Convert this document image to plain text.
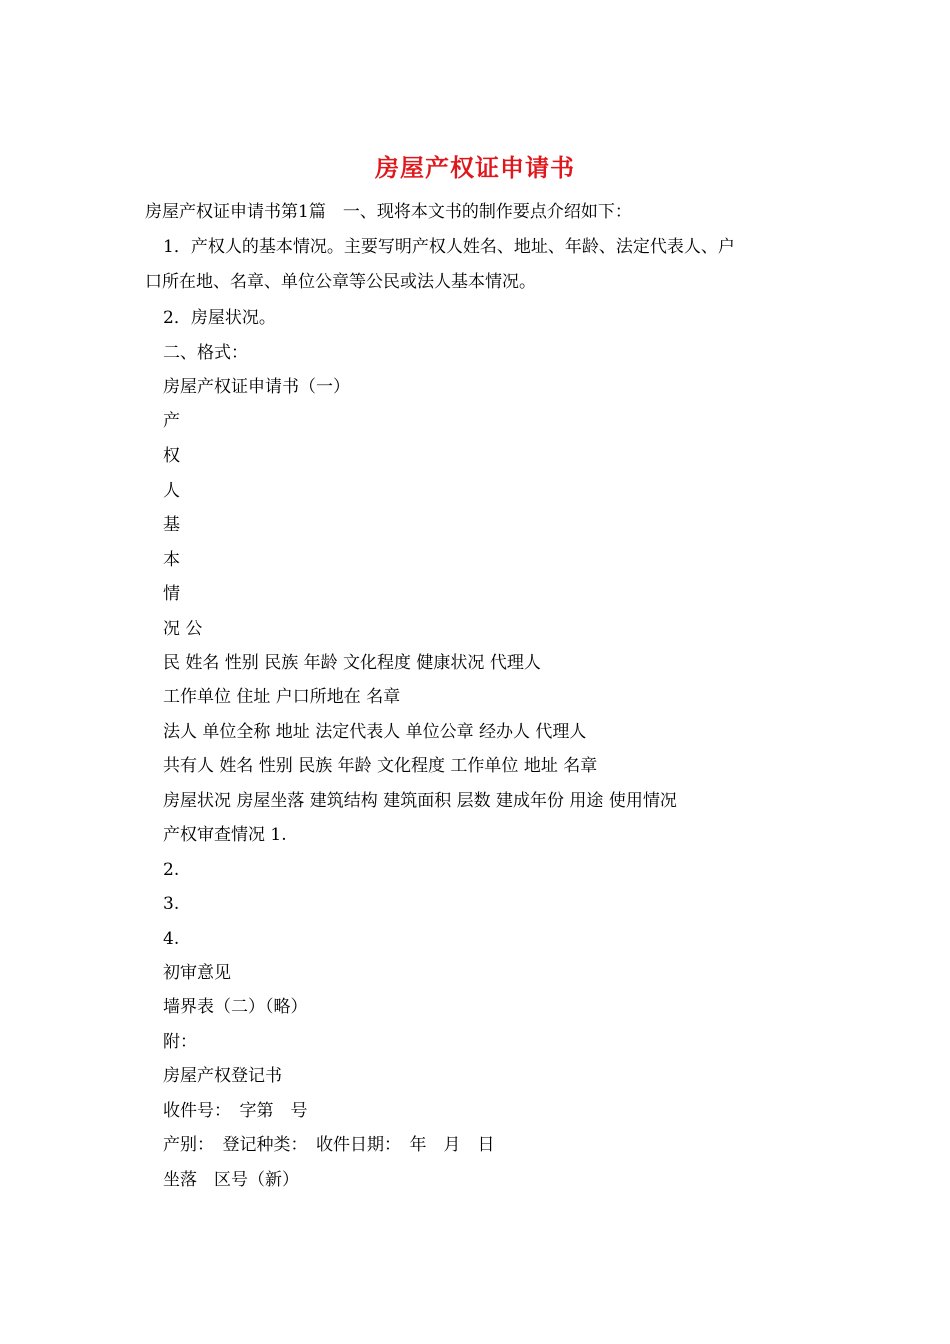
房屋产权证申请书
房屋产权证申请书第1篇　一、现将本文书的制作要点介绍如下：
1．产权人的基本情况。主要写明产权人姓名、地址、年龄、法定代表人、户
口所在地、名章、单位公章等公民或法人基本情况。
2．房屋状况。
二、格式：
房屋产权证申请书（一）
产
权
人
基
本
情
况 公
民 姓名 性别 民族 年龄 文化程度 健康状况 代理人
工作单位 住址 户口所地在 名章
法人 单位全称 地址 法定代表人 单位公章 经办人 代理人
共有人 姓名 性别 民族 年龄 文化程度 工作单位 地址 名章
房屋状况 房屋坐落 建筑结构 建筑面积 层数 建成年份 用途 使用情况
产权审查情况 1.
2.
3.
4.
初审意见
墙界表（二）（略）
附：
房屋产权登记书
收件号：　字第　号
产别：　登记种类：　收件日期：　年　月　日
坐落　区号（新）
